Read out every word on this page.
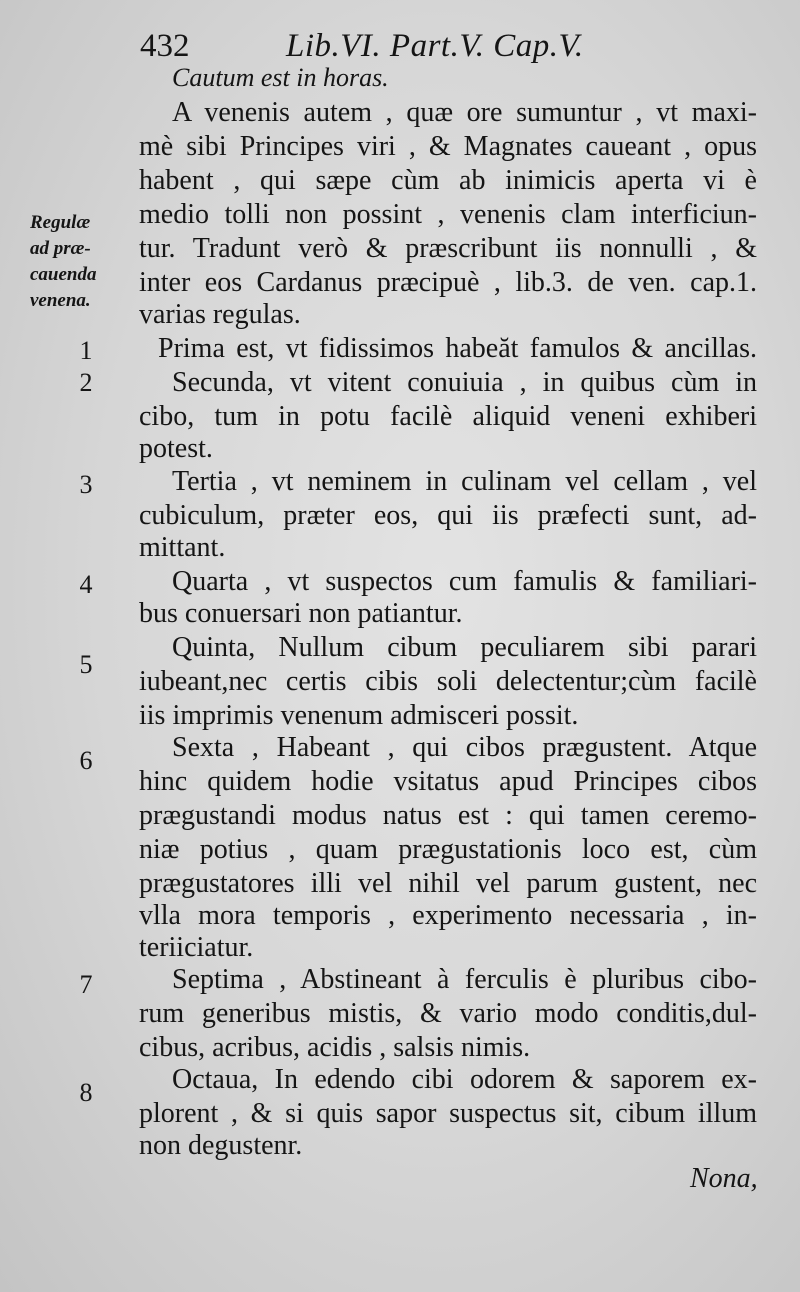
432	Lib.VI. Part.V. Cap.V.
Regulæ
ad præ-
cauenda
venena.
1
2
3
4
5
6
7
8
Cautum est in horas.
A venenis autem , quæ ore sumuntur , vt maxi-
mè sibi Principes viri , & Magnates caueant , opus
habent , qui sæpe cùm ab inimicis aperta vi è
medio tolli non possint , venenis clam interficiun-
tur. Tradunt verò & præscribunt iis nonnulli , &
inter eos Cardanus præcipuè , lib.3. de ven. cap.1.
varias regulas.
Prima est, vt fidissimos habeăt famulos & ancillas.
Secunda, vt vitent conuiuia , in quibus cùm in
cibo, tum in potu facilè aliquid veneni exhiberi
potest.
Tertia , vt neminem in culinam vel cellam , vel
cubiculum, præter eos, qui iis præfecti sunt, ad-
mittant.
Quarta , vt suspectos cum famulis & familiari-
bus conuersari non patiantur.
Quinta, Nullum cibum peculiarem sibi parari
iubeant,nec certis cibis soli delectentur;cùm facilè
iis imprimis venenum admisceri possit.
Sexta , Habeant , qui cibos prægustent. Atque
hinc quidem hodie vsitatus apud Principes cibos
prægustandi modus natus est : qui tamen ceremo-
niæ potius , quam prægustationis loco est, cùm
prægustatores illi vel nihil vel parum gustent, nec
vlla mora temporis , experimento necessaria , in-
teriiciatur.
Septima , Abstineant à ferculis è pluribus cibo-
rum generibus mistis, & vario modo conditis,dul-
cibus, acribus, acidis , salsis nimis.
Octaua, In edendo cibi odorem & saporem ex-
plorent , & si quis sapor suspectus sit, cibum illum
non degustenr.
Nona,
